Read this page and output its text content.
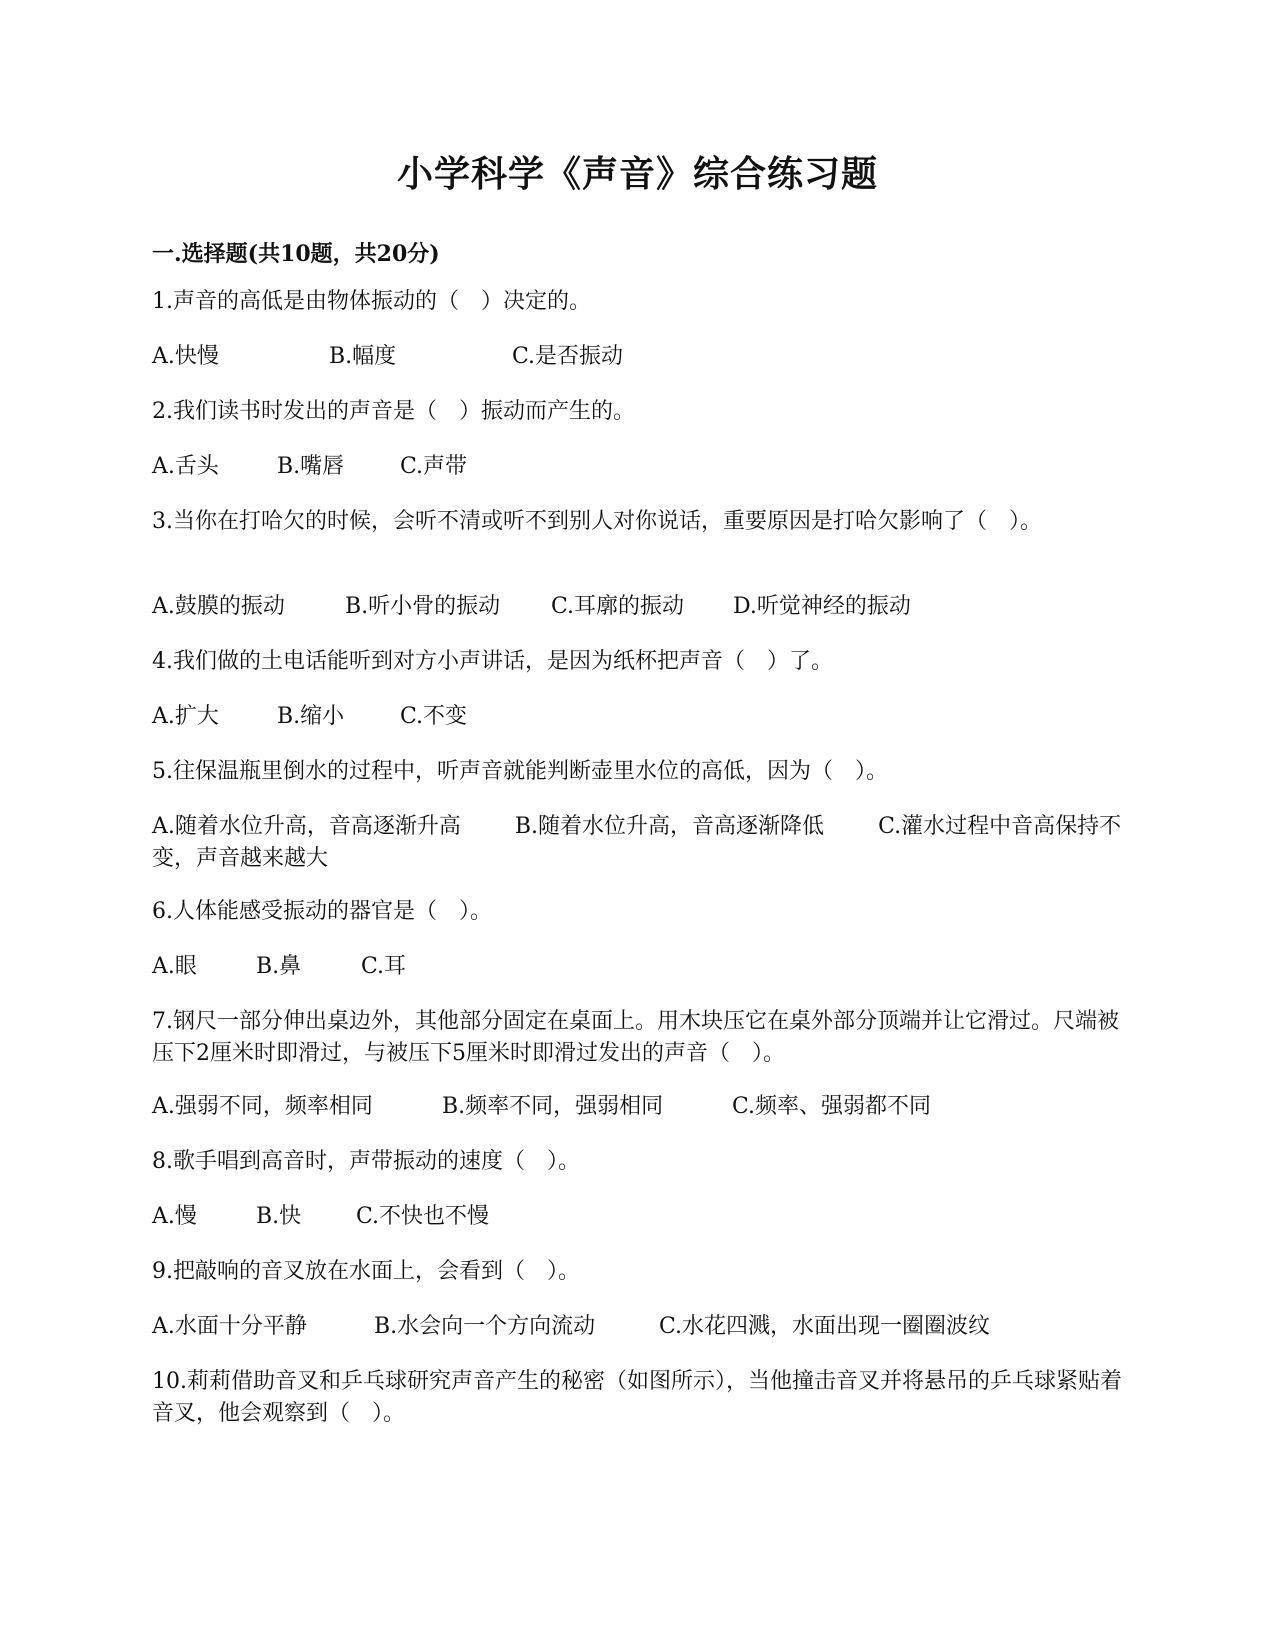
小学科学《声音》综合练习题
一.选择题(共10题，共20分)
1.声音的高低是由物体振动的（　）决定的。
A.快慢	B.幅度	C.是否振动
2.我们读书时发出的声音是（　）振动而产生的。
A.舌头	B.嘴唇	C.声带
3.当你在打哈欠的时候，会听不清或听不到别人对你说话，重要原因是打哈欠影响了（　）。
A.鼓膜的振动	B.听小骨的振动 C.耳廓的振动 D.听觉神经的振动
4.我们做的土电话能听到对方小声讲话，是因为纸杯把声音（　）了。
A.扩大	B.缩小	C.不变
5.往保温瓶里倒水的过程中，听声音就能判断壶里水位的高低，因为（　）。
A.随着水位升高，音高逐渐升高 B.随着水位升高，音高逐渐降低 C.灌水过程中音高保持不变，声音越来越大
6.人体能感受振动的器官是（　）。
A.眼	B.鼻	C.耳
7.钢尺一部分伸出桌边外，其他部分固定在桌面上。用木块压它在桌外部分顶端并让它滑过。尺端被压下2厘米时即滑过，与被压下5厘米时即滑过发出的声音（　）。
A.强弱不同，频率相同	B.频率不同，强弱相同	C.频率、强弱都不同
8.歌手唱到高音时，声带振动的速度（　）。
A.慢	B.快 C.不快也不慢
9.把敲响的音叉放在水面上，会看到（　）。
A.水面十分平静	B.水会向一个方向流动	C.水花四溅，水面出现一圈圈波纹
10.莉莉借助音叉和乒乓球研究声音产生的秘密（如图所示），当他撞击音叉并将悬吊的乒乓球紧贴着音叉，他会观察到（　）。
